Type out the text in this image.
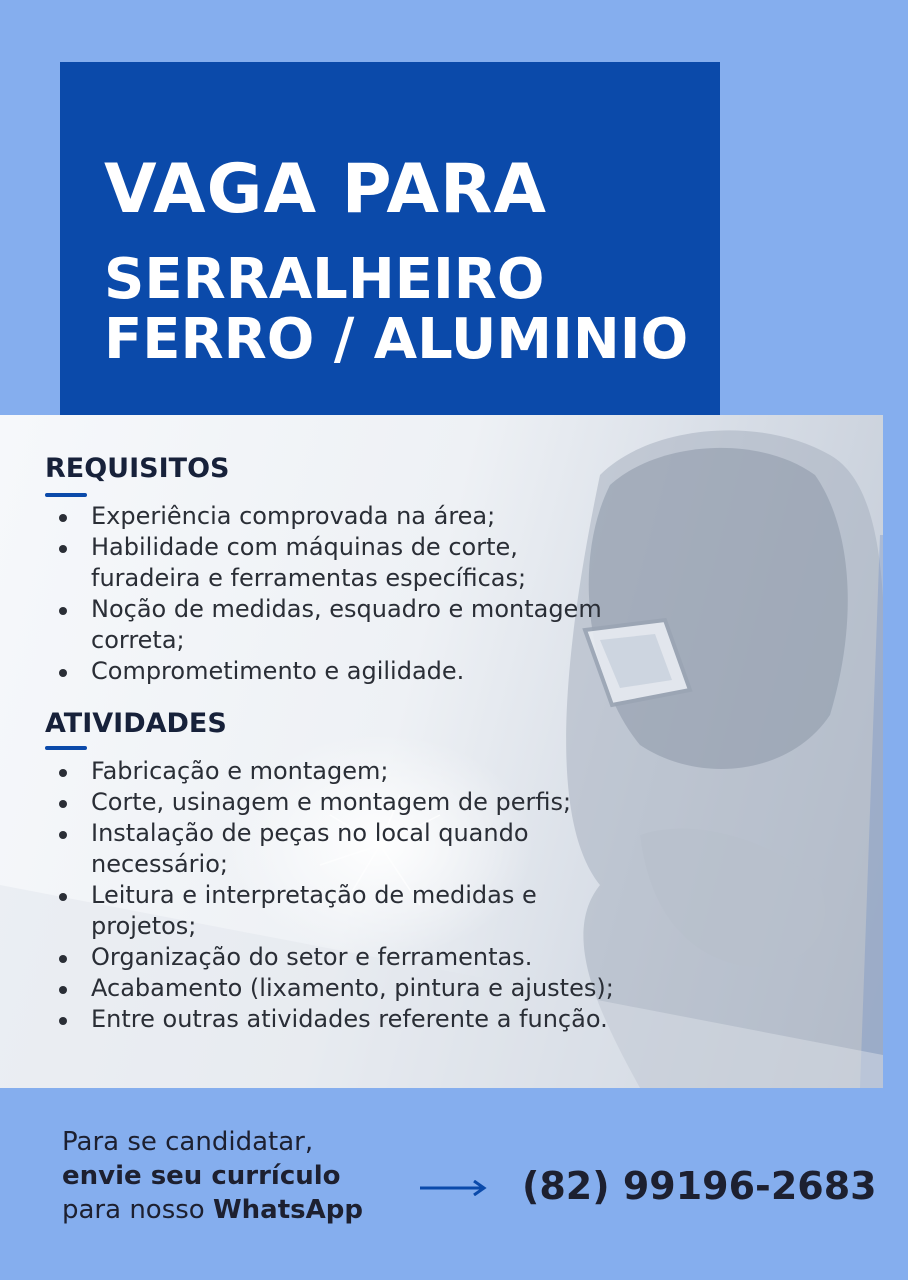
VAGA PARA
SERRALHEIRO
FERRO / ALUMINIO
REQUISITOS
Experiência comprovada na área;
Habilidade com máquinas de corte, furadeira e ferramentas específicas;
Noção de medidas, esquadro e montagem correta;
Comprometimento e agilidade.
ATIVIDADES
Fabricação e montagem;
Corte, usinagem e montagem de perfis;
Instalação de peças no local quando necessário;
Leitura e interpretação de medidas e projetos;
Organização do setor e ferramentas.
Acabamento (lixamento, pintura e ajustes);
Entre outras atividades referente a função.
Para se candidatar,
envie seu currículo
para nosso WhatsApp
(82) 99196-2683
